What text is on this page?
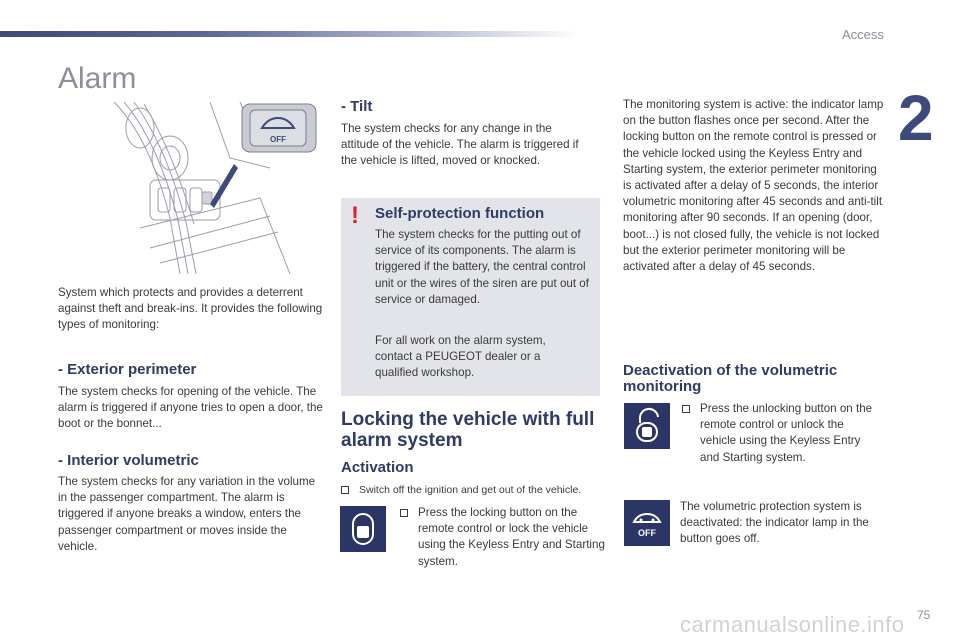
Access
2
Alarm
OFF

System which protects and provides a deterrent against theft and break-ins. It provides the following types of monitoring:

- Exterior perimeter

The system checks for opening of the vehicle. The alarm is triggered if anyone tries to open a door, the boot or the bonnet...

- Interior volumetric

The system checks for any variation in the volume in the passenger compartment. The alarm is triggered if anyone breaks a window, enters the passenger compartment or moves inside the vehicle.

- Tilt

The system checks for any change in the attitude of the vehicle. The alarm is triggered if the vehicle is lifted, moved or knocked.

! Self-protection function

The system checks for the putting out of service of its components. The alarm is triggered if the battery, the central control unit or the wires of the siren are put out of service or damaged.

For all work on the alarm system, contact a PEUGEOT dealer or a qualified workshop.

Locking the vehicle with full alarm system
Activation
Switch off the ignition and get out of the vehicle.
Press the locking button on the remote control or lock the vehicle using the Keyless Entry and Starting system.

The monitoring system is active: the indicator lamp on the button flashes once per second. After the locking button on the remote control is pressed or the vehicle locked using the Keyless Entry and Starting system, the exterior perimeter monitoring is activated after a delay of 5 seconds, the interior volumetric monitoring after 45 seconds and anti-tilt monitoring after 90 seconds. If an opening (door, boot...) is not closed fully, the vehicle is not locked but the exterior perimeter monitoring will be activated after a delay of 45 seconds.

Deactivation of the volumetric monitoring
Press the unlocking button on the remote control or unlock the vehicle using the Keyless Entry and Starting system.
OFF

The volumetric protection system is deactivated: the indicator lamp in the button goes off.

carmanualsonline.info 75
